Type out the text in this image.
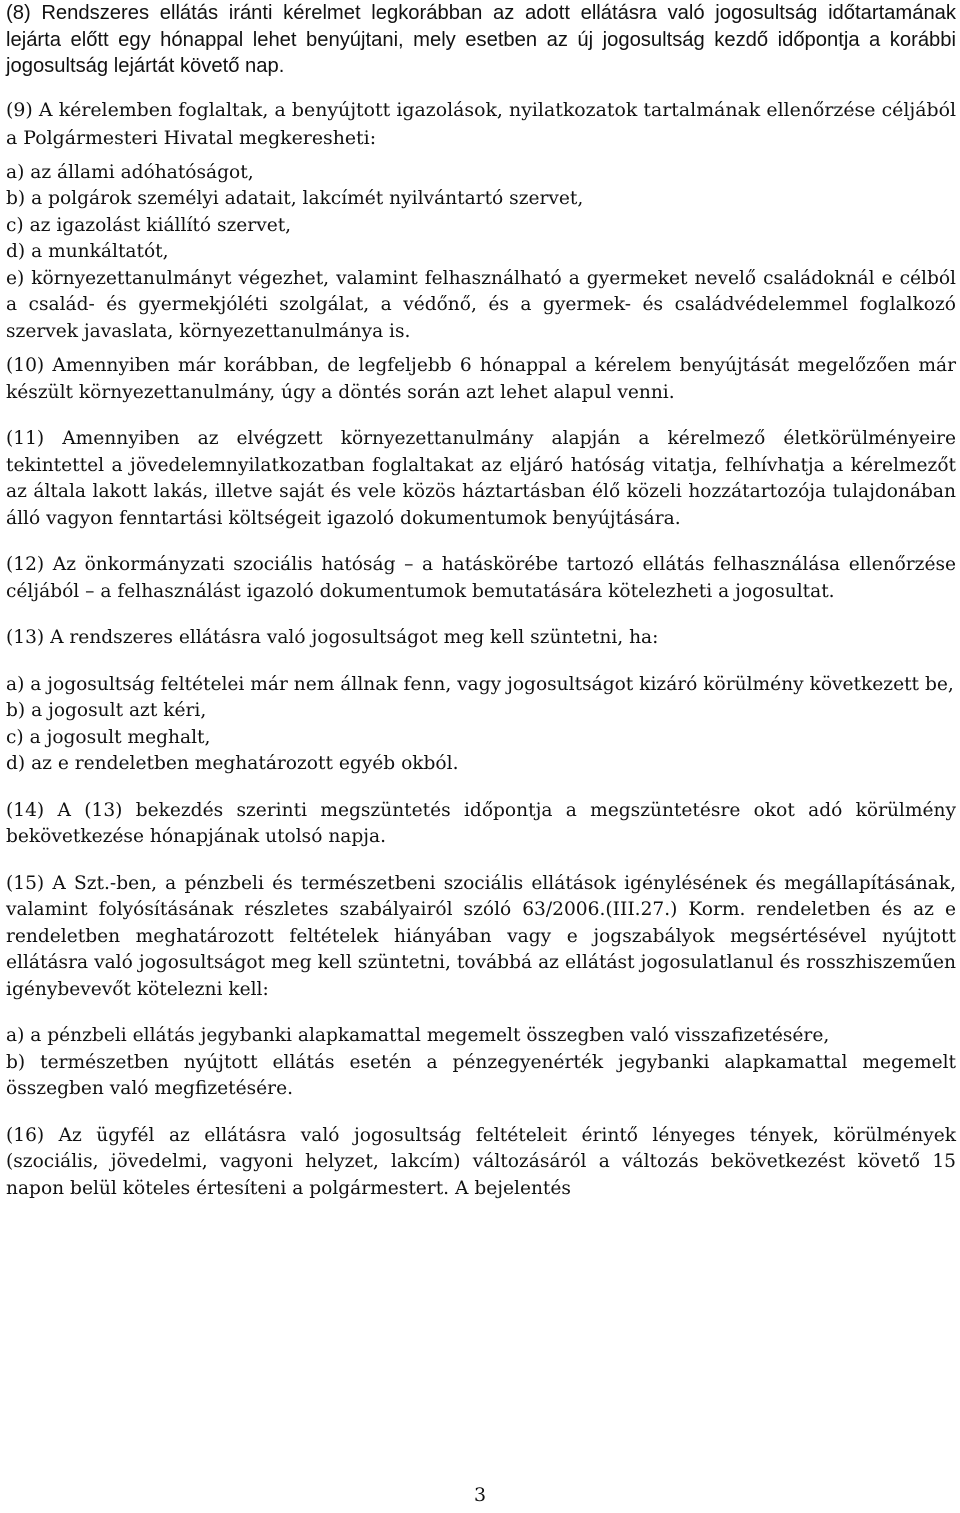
(8) Rendszeres ellátás iránti kérelmet legkorábban az adott ellátásra való jogosultság időtartamának lejárta előtt egy hónappal lehet benyújtani, mely esetben az új jogosultság kezdő időpontja a korábbi jogosultság lejártát követő nap.

(9) A kérelemben foglaltak, a benyújtott igazolások, nyilatkozatok tartalmának ellenőrzése céljából a Polgármesteri Hivatal megkeresheti:

a) az állami adóhatóságot,

b) a polgárok személyi adatait, lakcímét nyilvántartó szervet,

c) az igazolást kiállító szervet,

d) a munkáltatót,

e) környezettanulmányt végezhet, valamint felhasználható a gyermeket nevelő családoknál e célból a család- és gyermekjóléti szolgálat, a védőnő, és a gyermek- és családvédelemmel foglalkozó szervek javaslata, környezettanulmánya is.

(10) Amennyiben már korábban, de legfeljebb 6 hónappal a kérelem benyújtását megelőzően már készült környezettanulmány, úgy a döntés során azt lehet alapul venni.

(11) Amennyiben az elvégzett környezettanulmány alapján a kérelmező életkörülményeire tekintettel a jövedelemnyilatkozatban foglaltakat az eljáró hatóság vitatja, felhívhatja a kérelmezőt az általa lakott lakás, illetve saját és vele közös háztartásban élő közeli hozzátartozója tulajdonában álló vagyon fenntartási költségeit igazoló dokumentumok benyújtására.

(12) Az önkormányzati szociális hatóság – a hatáskörébe tartozó ellátás felhasználása ellenőrzése céljából – a felhasználást igazoló dokumentumok bemutatására kötelezheti a jogosultat.

(13) A rendszeres ellátásra való jogosultságot meg kell szüntetni, ha:

a) a jogosultság feltételei már nem állnak fenn, vagy jogosultságot kizáró körülmény következett be,

b) a jogosult azt kéri,

c) a jogosult meghalt,

d) az e rendeletben meghatározott egyéb okból.

(14) A (13) bekezdés szerinti megszüntetés időpontja a megszüntetésre okot adó körülmény bekövetkezése hónapjának utolsó napja.

(15) A Szt.-ben, a pénzbeli és természetbeni szociális ellátások igénylésének és megállapításának, valamint folyósításának részletes szabályairól szóló 63/2006.(III.27.) Korm. rendeletben és az e rendeletben meghatározott feltételek hiányában vagy e jogszabályok megsértésével nyújtott ellátásra való jogosultságot meg kell szüntetni, továbbá az ellátást jogosulatlanul és rosszhiszeműen igénybevevőt kötelezni kell:

a) a pénzbeli ellátás jegybanki alapkamattal megemelt összegben való visszafizetésére,

b) természetben nyújtott ellátás esetén a pénzegyenérték jegybanki alapkamattal megemelt összegben való megfizetésére.

(16) Az ügyfél az ellátásra való jogosultság feltételeit érintő lényeges tények, körülmények (szociális, jövedelmi, vagyoni helyzet, lakcím) változásáról a változás bekövetkezést követő 15 napon belül köteles értesíteni a polgármestert. A bejelentés

3
